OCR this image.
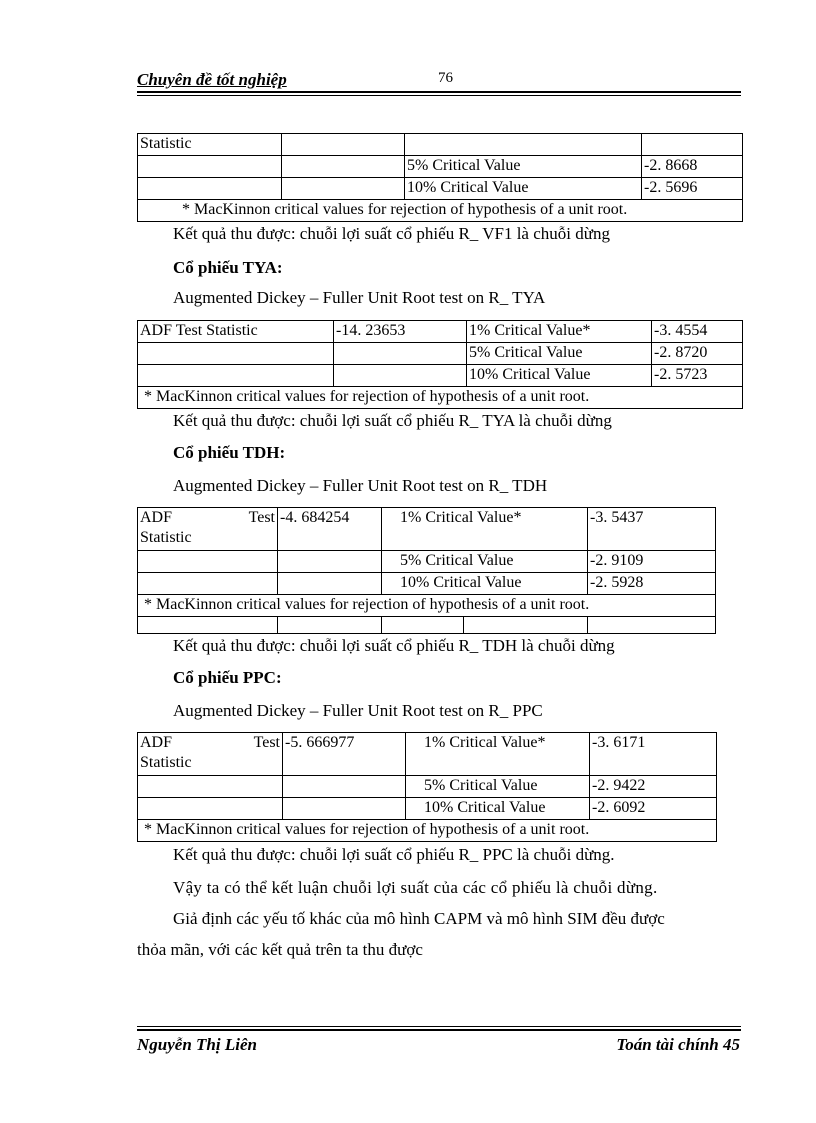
Chuyên đề tốt nghiệp	76
Statistic			
		5% Critical Value	-2. 8668
		10% Critical Value	-2. 5696
* MacKinnon critical values for rejection of hypothesis of a unit root.			
Kết quả thu được: chuỗi lợi suất cổ phiếu R_ VF1 là chuỗi dừng
Cổ phiếu TYA:
Augmented Dickey – Fuller Unit Root test on R_ TYA
ADF Test Statistic	-14. 23653	1% Critical Value*	-3. 4554
		5% Critical Value	-2. 8720
		10% Critical Value	-2. 5723
* MacKinnon critical values for rejection of hypothesis of a unit root.			
Kết quả thu được: chuỗi lợi suất cổ phiếu R_ TYA là chuỗi dừng
Cổ phiếu TDH:
Augmented Dickey – Fuller Unit Root test on R_ TDH
ADF Test
Statistic	-4. 684254	1% Critical Value*	-3. 5437
		5% Critical Value	-2. 9109
		10% Critical Value	-2. 5928
* MacKinnon critical values for rejection of hypothesis of a unit root.			

Kết quả thu được: chuỗi lợi suất cổ phiếu R_ TDH là chuỗi dừng
Cổ phiếu PPC:
Augmented Dickey – Fuller Unit Root test on R_ PPC
ADF Test
Statistic	-5. 666977	1% Critical Value*	-3. 6171
		5% Critical Value	-2. 9422
		10% Critical Value	-2. 6092
* MacKinnon critical values for rejection of hypothesis of a unit root.			
Kết quả thu được: chuỗi lợi suất cổ phiếu R_ PPC là chuỗi dừng.
Vậy ta có thể kết luận chuỗi lợi suất của các cổ phiếu là chuỗi dừng.
Giả định các yếu tố khác của mô hình CAPM và mô hình SIM đều được
thỏa mãn, với các kết quả trên ta thu được
Nguyễn Thị Liên	Toán tài chính 45
